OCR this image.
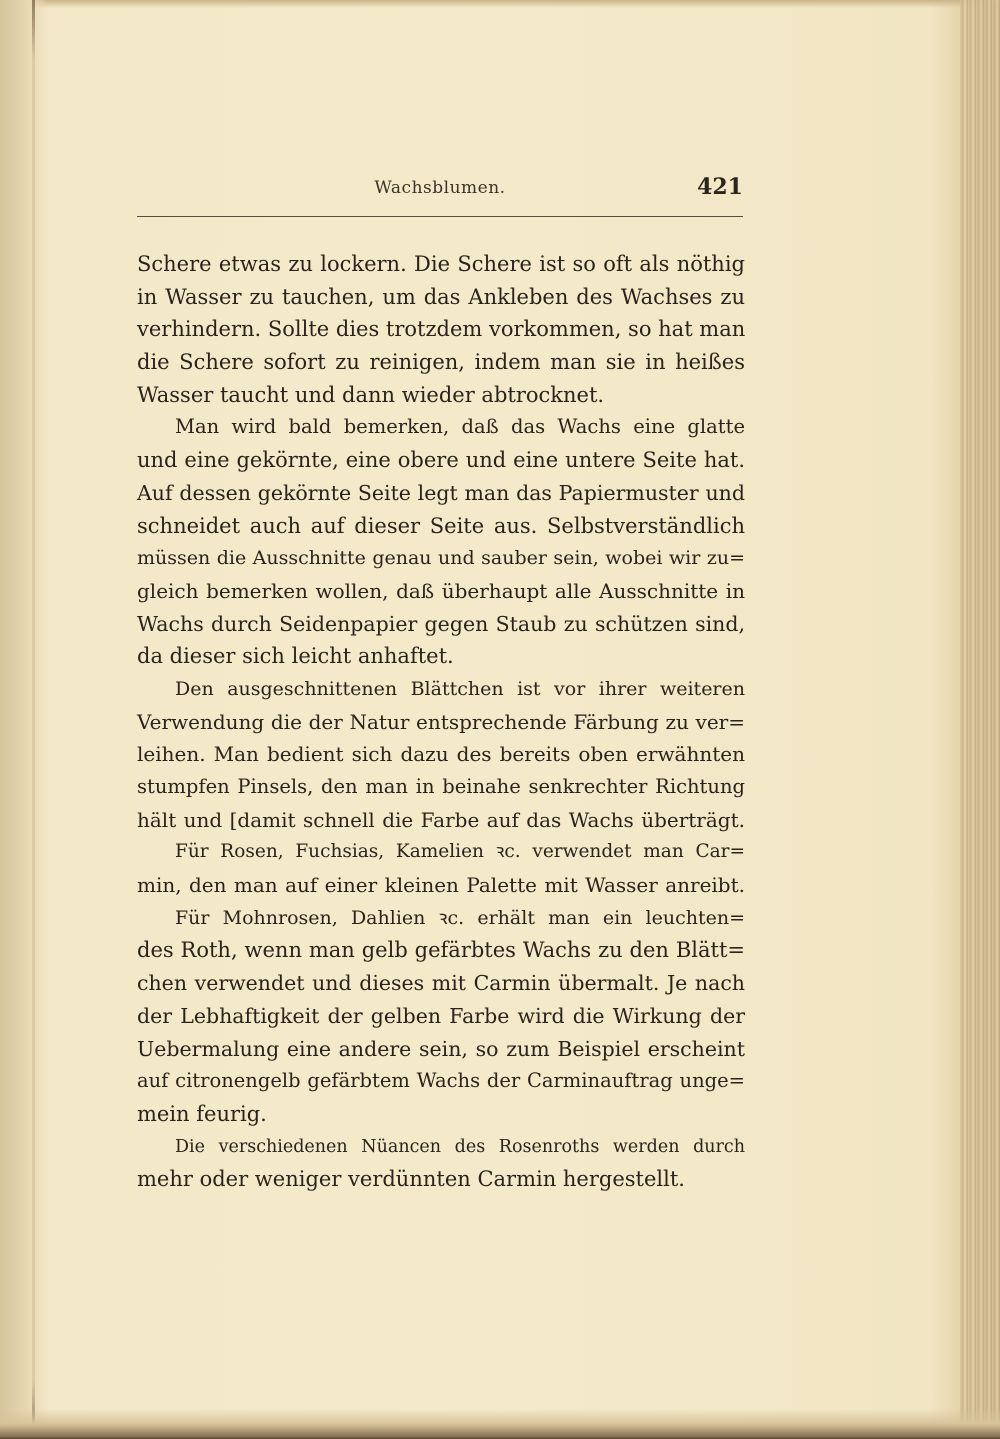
Wachsblumen.	421
Schere etwas zu lockern. Die Schere ist so oft als nöthig
in Wasser zu tauchen, um das Ankleben des Wachses zu
verhindern. Sollte dies trotzdem vorkommen, so hat man
die Schere sofort zu reinigen, indem man sie in heißes
Wasser taucht und dann wieder abtrocknet.
Man wird bald bemerken, daß das Wachs eine glatte
und eine gekörnte, eine obere und eine untere Seite hat.
Auf dessen gekörnte Seite legt man das Papiermuster und
schneidet auch auf dieser Seite aus. Selbstverständlich
müssen die Ausschnitte genau und sauber sein, wobei wir zu=
gleich bemerken wollen, daß überhaupt alle Ausschnitte in
Wachs durch Seidenpapier gegen Staub zu schützen sind,
da dieser sich leicht anhaftet.
Den ausgeschnittenen Blättchen ist vor ihrer weiteren
Verwendung die der Natur entsprechende Färbung zu ver=
leihen. Man bedient sich dazu des bereits oben erwähnten
stumpfen Pinsels, den man in beinahe senkrechter Richtung
hält und [damit schnell die Farbe auf das Wachs überträgt.
Für Rosen, Fuchsias, Kamelien ꝛc. verwendet man Car=
min, den man auf einer kleinen Palette mit Wasser anreibt.
Für Mohnrosen, Dahlien ꝛc. erhält man ein leuchten=
des Roth, wenn man gelb gefärbtes Wachs zu den Blätt=
chen verwendet und dieses mit Carmin übermalt. Je nach
der Lebhaftigkeit der gelben Farbe wird die Wirkung der
Uebermalung eine andere sein, so zum Beispiel erscheint
auf citronengelb gefärbtem Wachs der Carminauftrag unge=
mein feurig.
Die verschiedenen Nüancen des Rosenroths werden durch
mehr oder weniger verdünnten Carmin hergestellt.
